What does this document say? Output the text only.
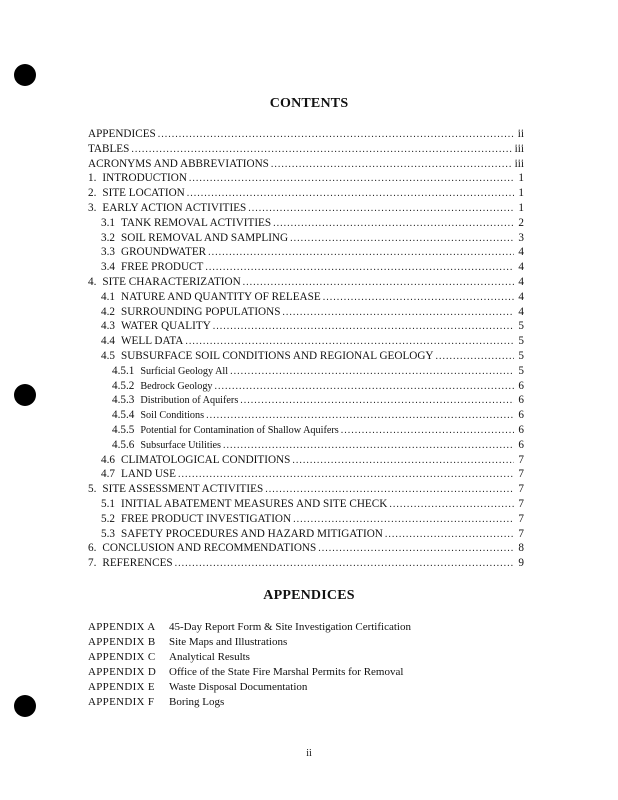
CONTENTS
APPENDICES .....	ii
TABLES .....	iii
ACRONYMS AND ABBREVIATIONS .....	iii
1. INTRODUCTION .....	1
2. SITE LOCATION .....	1
3. EARLY ACTION ACTIVITIES .....	1
3.1 TANK REMOVAL ACTIVITIES .....	2
3.2 SOIL REMOVAL AND SAMPLING .....	3
3.3 GROUNDWATER .....	4
3.4 FREE PRODUCT .....	4
4. SITE CHARACTERIZATION .....	4
4.1 NATURE AND QUANTITY OF RELEASE .....	4
4.2 SURROUNDING POPULATIONS .....	4
4.3 WATER QUALITY .....	5
4.4 WELL DATA .....	5
4.5 SUBSURFACE SOIL CONDITIONS AND REGIONAL GEOLOGY .....	5
4.5.1 Surficial Geology All .....	5
4.5.2 Bedrock Geology .....	6
4.5.3 Distribution of Aquifers .....	6
4.5.4 Soil Conditions .....	6
4.5.5 Potential for Contamination of Shallow Aquifers .....	6
4.5.6 Subsurface Utilities .....	6
4.6 CLIMATOLOGICAL CONDITIONS .....	7
4.7 LAND USE .....	7
5. SITE ASSESSMENT ACTIVITIES .....	7
5.1 INITIAL ABATEMENT MEASURES AND SITE CHECK .....	7
5.2 FREE PRODUCT INVESTIGATION .....	7
5.3 SAFETY PROCEDURES AND HAZARD MITIGATION .....	7
6. CONCLUSION AND RECOMMENDATIONS .....	8
7. REFERENCES .....	9
APPENDICES
APPENDIX A	45-Day Report Form & Site Investigation Certification
APPENDIX B	Site Maps and Illustrations
APPENDIX C	Analytical Results
APPENDIX D	Office of the State Fire Marshal Permits for Removal
APPENDIX E	Waste Disposal Documentation
APPENDIX F	Boring Logs
ii
